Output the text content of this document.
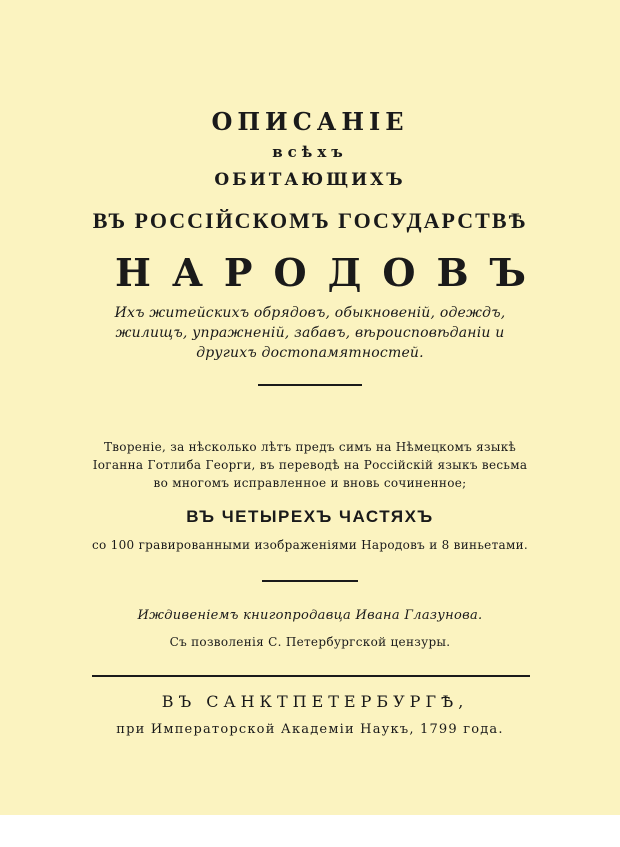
ОПИСАНІЕ
всѣхъ
ОБИТАЮЩИХЪ
ВЪ РОССІЙСКОМЪ ГОСУДАРСТВѢ
НАРОДОВЪ
Ихъ житейскихъ обрядовъ, обыкновеній, одеждъ,
жилищъ, упражненій, забавъ, вѣроисповѣданіи и
другихъ достопамятностей.
Твореніе, за нѣсколько лѣтъ предъ симъ на Нѣмецкомъ языкѣ
Іоганна Готлиба Георги, въ переводѣ на Россійскій языкъ весьма
во многомъ исправленное и вновь сочиненное;
ВЪ ЧЕТЫРЕХЪ ЧАСТЯХЪ
со 100 гравированными изображеніями Народовъ и 8 виньетами.
Иждивеніемъ книгопродавца Ивана Глазунова.
Съ позволенія С. Петербургской цензуры.
ВЪ САНКТПЕТЕРБУРГѢ,
при Императорской Академіи Наукъ, 1799 года.
